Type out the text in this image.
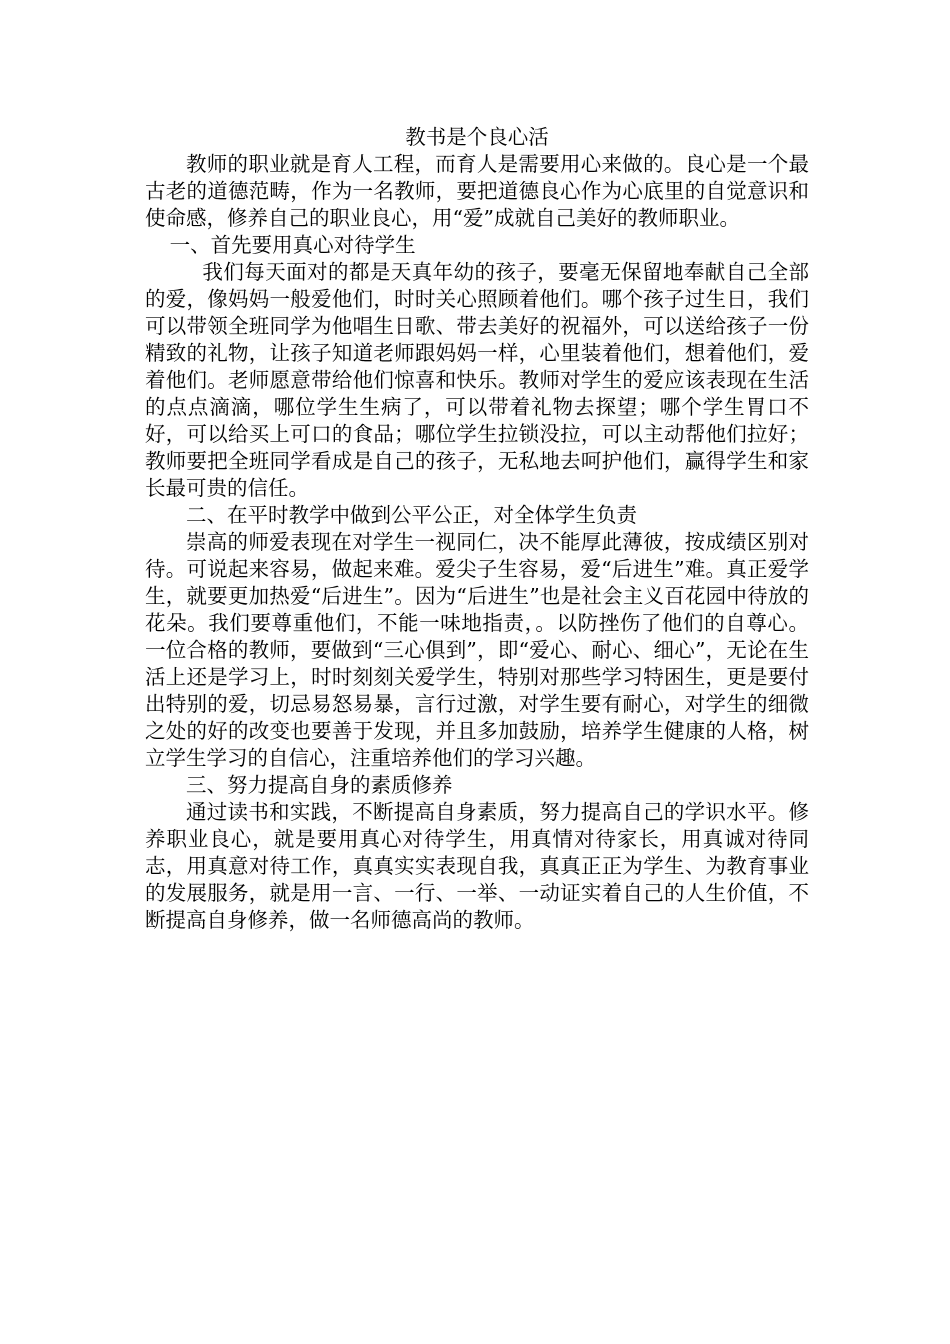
教书是个良心活

教师的职业就是育人工程，而育人是需要用心来做的。良心是一个最古老的道德范畴，作为一名教师，要把道德良心作为心底里的自觉意识和使命感，修养自己的职业良心，用“爱”成就自己美好的教师职业。

一、首先要用真心对待学生

我们每天面对的都是天真年幼的孩子，要毫无保留地奉献自己全部的爱，像妈妈一般爱他们，时时关心照顾着他们。哪个孩子过生日，我们可以带领全班同学为他唱生日歌、带去美好的祝福外，可以送给孩子一份精致的礼物，让孩子知道老师跟妈妈一样，心里装着他们，想着他们，爱着他们。老师愿意带给他们惊喜和快乐。教师对学生的爱应该表现在生活的点点滴滴，哪位学生生病了，可以带着礼物去探望；哪个学生胃口不好，可以给买上可口的食品；哪位学生拉锁没拉，可以主动帮他们拉好；教师要把全班同学看成是自己的孩子，无私地去呵护他们，赢得学生和家长最可贵的信任。

二、在平时教学中做到公平公正，对全体学生负责

崇高的师爱表现在对学生一视同仁，决不能厚此薄彼，按成绩区别对待。可说起来容易，做起来难。爱尖子生容易，爱“后进生”难。真正爱学生，就要更加热爱“后进生”。因为“后进生”也是社会主义百花园中待放的花朵。我们要尊重他们，不能一味地指责，。以防挫伤了他们的自尊心。一位合格的教师，要做到“三心俱到”，即“爱心、耐心、细心”，无论在生活上还是学习上，时时刻刻关爱学生，特别对那些学习特困生，更是要付出特别的爱，切忌易怒易暴，言行过激，对学生要有耐心，对学生的细微之处的好的改变也要善于发现，并且多加鼓励，培养学生健康的人格，树立学生学习的自信心，注重培养他们的学习兴趣。

三、努力提高自身的素质修养

通过读书和实践，不断提高自身素质，努力提高自己的学识水平。修养职业良心，就是要用真心对待学生，用真情对待家长，用真诚对待同志，用真意对待工作，真真实实表现自我，真真正正为学生、为教育事业的发展服务，就是用一言、一行、一举、一动证实着自己的人生价值，不断提高自身修养，做一名师德高尚的教师。
